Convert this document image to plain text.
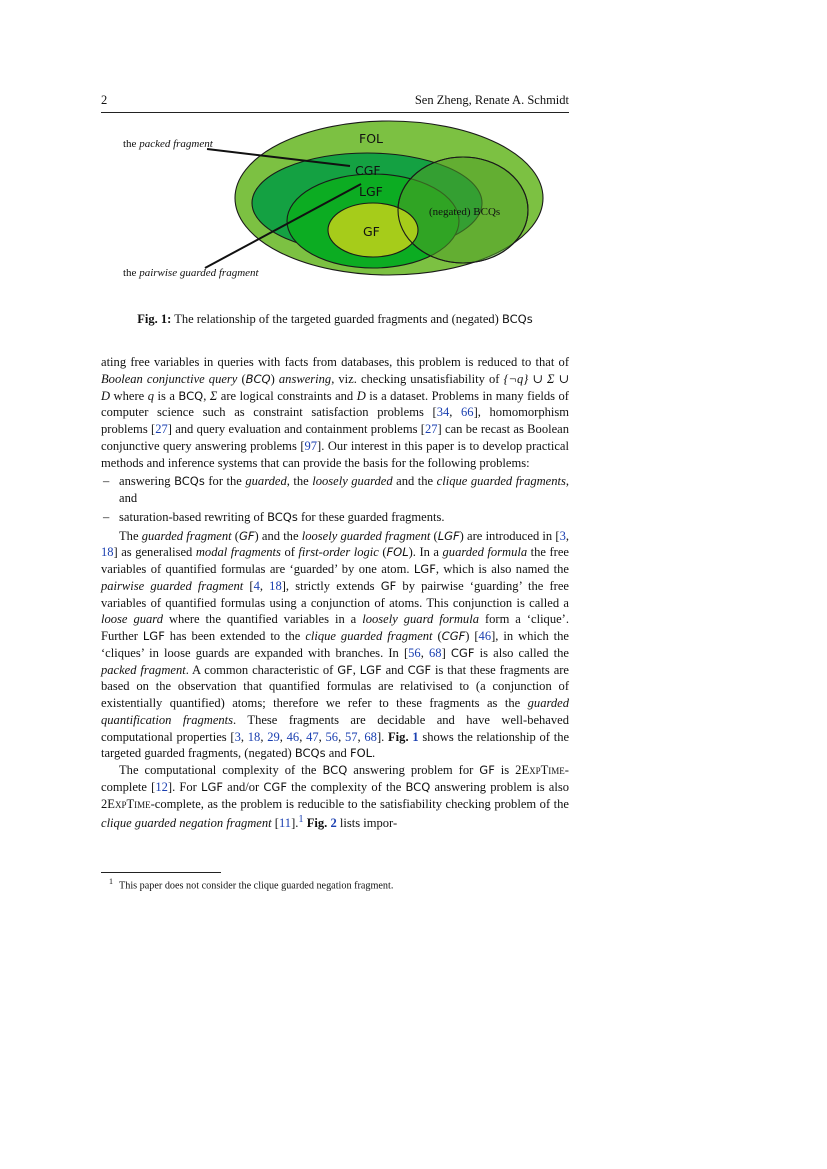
2	Sen Zheng, Renate A. Schmidt
FOL
CGF
LGF
GF
(negated) BCQs
the packed fragment
the pairwise guarded fragment
Fig. 1: The relationship of the targeted guarded fragments and (negated) BCQs

ating free variables in queries with facts from databases, this problem is reduced to that of Boolean conjunctive query (BCQ) answering, viz. checking unsatisfiability of {¬q} ∪ Σ ∪ D where q is a BCQ, Σ are logical constraints and D is a dataset. Problems in many fields of computer science such as constraint satisfaction problems [34, 66], homomorphism problems [27] and query evaluation and containment problems [27] can be recast as Boolean conjunctive query answering problems [97]. Our interest in this paper is to develop practical methods and inference systems that can provide the basis for the following problems:

– answering BCQs for the guarded, the loosely guarded and the clique guarded fragments, and
– saturation-based rewriting of BCQs for these guarded fragments.

The guarded fragment (GF) and the loosely guarded fragment (LGF) are introduced in [3, 18] as generalised modal fragments of first-order logic (FOL). In a guarded formula the free variables of quantified formulas are ‘guarded’ by one atom. LGF, which is also named the pairwise guarded fragment [4, 18], strictly extends GF by pairwise ‘guarding’ the free variables of quantified formulas using a conjunction of atoms. This conjunction is called a loose guard where the quantified variables in a loosely guard formula form a ‘clique’. Further LGF has been extended to the clique guarded fragment (CGF) [46], in which the ‘cliques’ in loose guards are expanded with branches. In [56, 68] CGF is also called the packed fragment. A common characteristic of GF, LGF and CGF is that these fragments are based on the observation that quantified formulas are relativised to (a conjunction of existentially quantified) atoms; therefore we refer to these fragments as the guarded quantification fragments. These fragments are decidable and have well-behaved computational properties [3, 18, 29, 46, 47, 56, 57, 68]. Fig. 1 shows the relationship of the targeted guarded fragments, (negated) BCQs and FOL.

The computational complexity of the BCQ answering problem for GF is 2ExpTime-complete [12]. For LGF and/or CGF the complexity of the BCQ answering problem is also 2ExpTime-complete, as the problem is reducible to the satisfiability checking problem of the clique guarded negation fragment [11].$^1$ Fig. 2 lists impor-

$^1$ This paper does not consider the clique guarded negation fragment.
